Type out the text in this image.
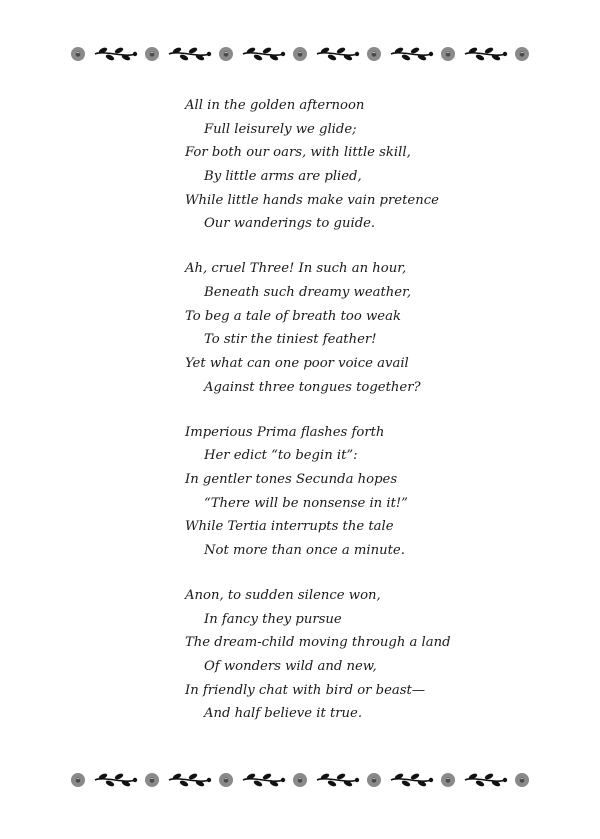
All in the golden afternoon
Full leisurely we glide;
For both our oars, with little skill,
By little arms are plied,
While little hands make vain pretence
Our wanderings to guide.
Ah, cruel Three! In such an hour,
Beneath such dreamy weather,
To beg a tale of breath too weak
To stir the tiniest feather!
Yet what can one poor voice avail
Against three tongues together?
Imperious Prima flashes forth
Her edict “to begin it”:
In gentler tones Secunda hopes
“There will be nonsense in it!”
While Tertia interrupts the tale
Not more than once a minute.
Anon, to sudden silence won,
In fancy they pursue
The dream-child moving through a land
Of wonders wild and new,
In friendly chat with bird or beast—
And half believe it true.
